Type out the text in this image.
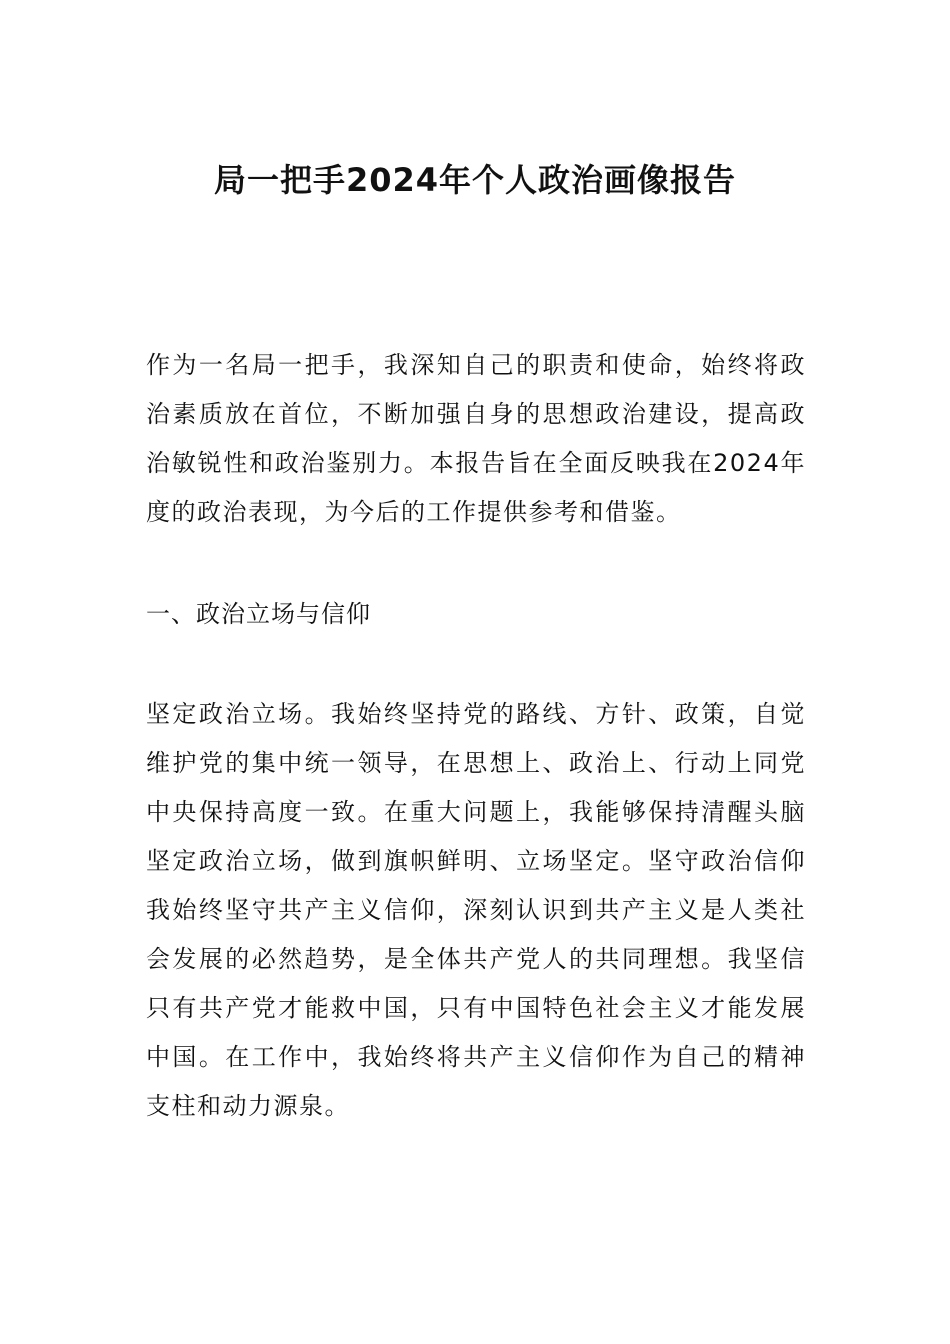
局一把手2024年个人政治画像报告

作为一名局一把手，我深知自己的职责和使命，始终将政治素质放在首位，不断加强自身的思想政治建设，提高政治敏锐性和政治鉴别力。本报告旨在全面反映我在2024年度的政治表现，为今后的工作提供参考和借鉴。

一、政治立场与信仰

坚定政治立场。我始终坚持党的路线、方针、政策，自觉维护党的集中统一领导，在思想上、政治上、行动上同党中央保持高度一致。在重大问题上，我能够保持清醒头脑坚定政治立场，做到旗帜鲜明、立场坚定。坚守政治信仰我始终坚守共产主义信仰，深刻认识到共产主义是人类社会发展的必然趋势，是全体共产党人的共同理想。我坚信只有共产党才能救中国，只有中国特色社会主义才能发展中国。在工作中，我始终将共产主义信仰作为自己的精神支柱和动力源泉。
